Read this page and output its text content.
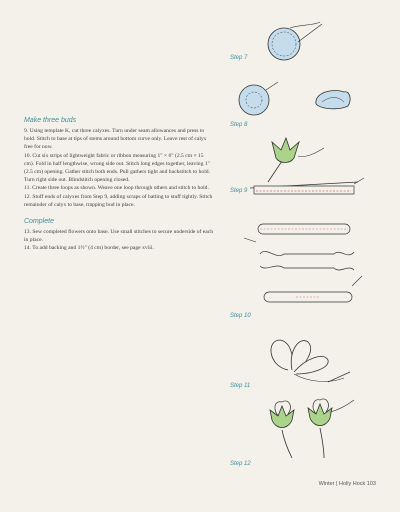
Make three buds

9. Using template K, cut three calyxes. Turn under seam allowances and press to hold. Stitch to base at tips of stems around bottom curve only. Leave rest of calyx free for now.

10. Cut six strips of lightweight fabric or ribbon measuring 1" × 6" (2.5 cm × 15 cm). Fold in half lengthwise, wrong side out. Stitch long edges together, leaving 1" (2.5 cm) opening. Gather stitch both ends. Pull gathers tight and backstitch to hold. Turn right side out. Blindstitch opening closed.

11. Create three loops as shown. Weave one loop through others and stitch to hold.

12. Stuff ends of calyxes from Step 9, adding scraps of batting to stuff tightly. Stitch remainder of calyx to base, trapping bud in place.

Complete

13. Sew completed flowers onto base. Use small stitches to secure underside of each in place.

14. To add backing and 1½" (4 cm) border, see page xviii.

Step 7
Step 8
Step 9
Step 10
Step 11
Step 12
Winter | Holly Hock 103
